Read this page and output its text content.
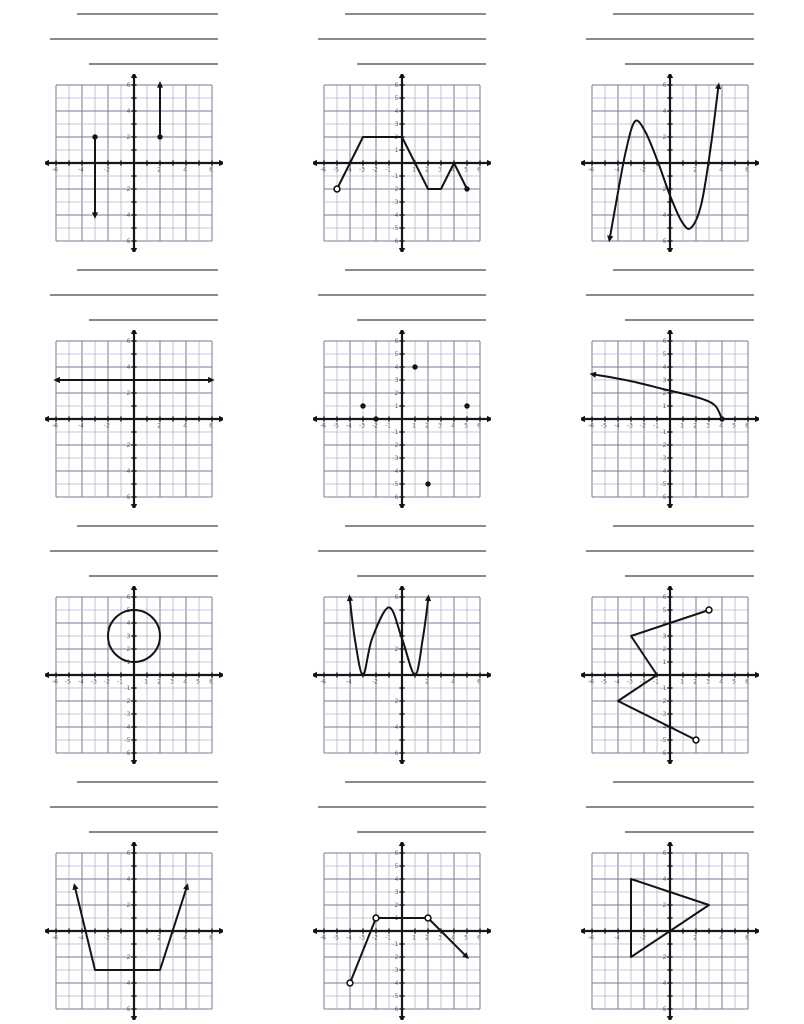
-6
-6
-4
-4
-2
-2
2
2
4
4
6
6
-6
-6
-5
-5
-4
-4
-3
-3
-2
-2
-1
-1
1
1
2
2
3
3
4
4
5
5
6
6
-6
-6
-4
-4
-2
-2
2
2
4
4
6
6
-6
-6
-4
-4
-2
-2
2
2
4
4
6
6
-6
-6
-5
-5
-4
-4
-3
-3
-2
-2
-1
-1
1
1
2
2
3
3
4
4
5
5
6
6
-6
-6
-5
-5
-4
-4
-3
-3
-2
-2
-1
-1
1
1
2
2
3
3
4
4
5
5
6
6
-6
-6
-5
-5
-4
-4
-3
-3
-2
-2
-1
-1
1
1
2
2
3
3
4
4
5
5
6
6
-6
-6
-4
-4
-2
-2
2
2
4
4
6
6
-6
-6
-5
-5
-4
-4
-3
-3
-2
-2
-1
-1
1
1
2
2
3
3
4
4
5
5
6
6
-6
-6
-4
-4
-2
-2
2
2
4
4
6
6
-6
-6
-5
-5
-4
-4
-3
-3
-2
-2
-1
-1
1
1
2
2
3
3
4
4
5
5
6
6
-6
-6
-4
-4
-2
-2
2
2
4
4
6
6
